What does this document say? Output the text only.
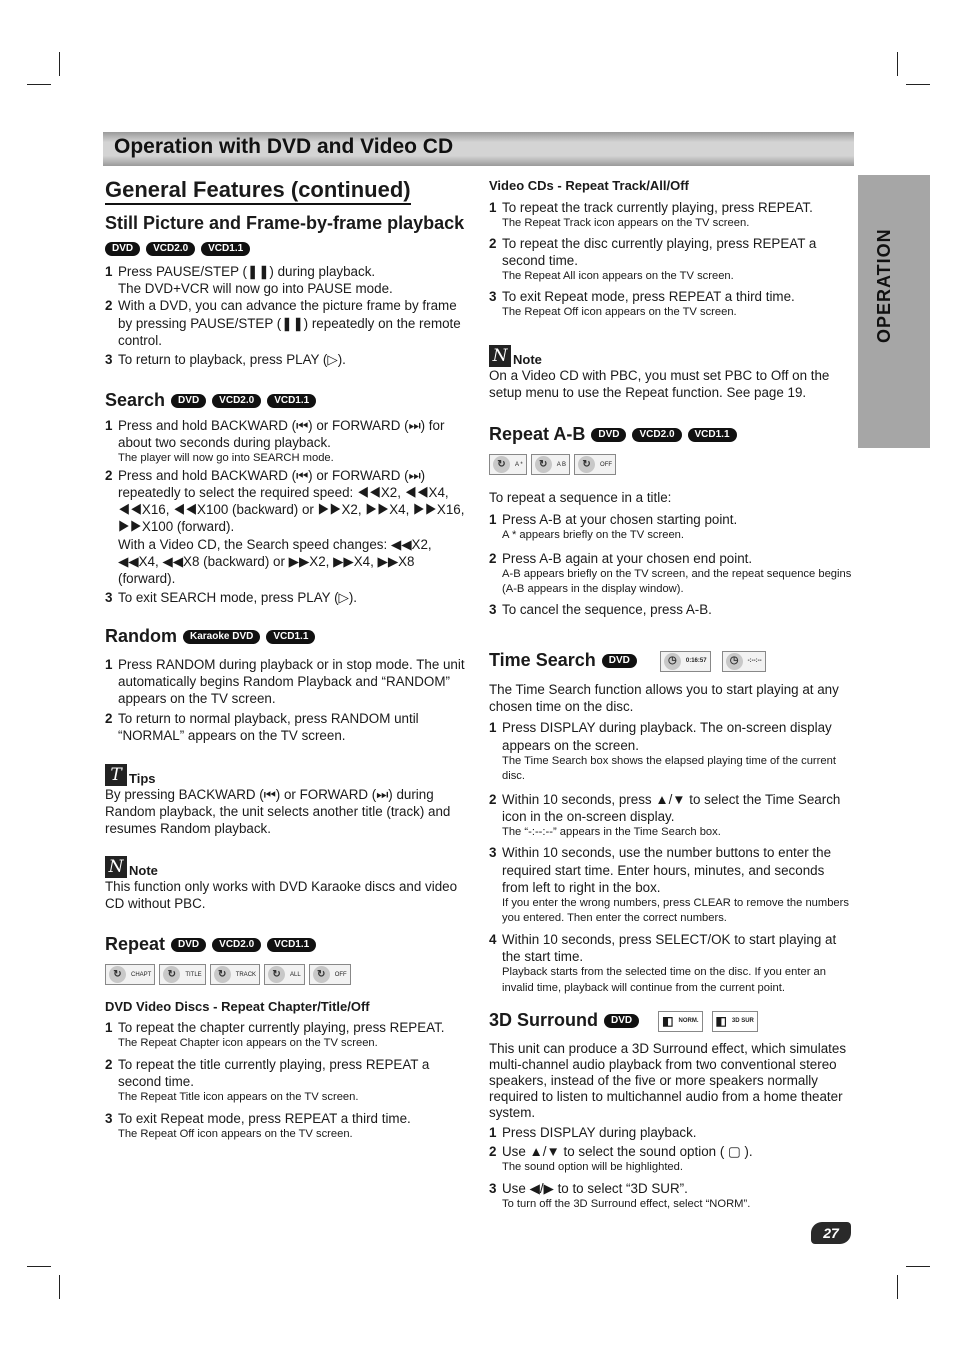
Operation with DVD and Video CD
OPERATION
General Features (continued)
Still Picture and Frame-by-frame playback
DVD	VCD2.0	VCD1.1
1 Press PAUSE/STEP (❚❚) during playback.
The DVD+VCR will now go into PAUSE mode.
2 With a DVD, you can advance the picture frame by frame by pressing PAUSE/STEP (❚❚) repeatedly on the remote control.
3 To return to playback, press PLAY (▷).
Search	DVD	VCD2.0	VCD1.1
1 Press and hold BACKWARD (⏮) or FORWARD (⏭) for about two seconds during playback.
The player will now go into SEARCH mode.
2 Press and hold BACKWARD (⏮) or FORWARD (⏭) repeatedly to select the required speed: ◀◀X2, ◀◀X4, ◀◀X16, ◀◀X100 (backward) or ▶▶X2, ▶▶X4, ▶▶X16, ▶▶X100 (forward).
With a Video CD, the Search speed changes: ◀◀X2, ◀◀X4, ◀◀X8 (backward) or ▶▶X2, ▶▶X4, ▶▶X8 (forward).
3 To exit SEARCH mode, press PLAY (▷).
Random	Karaoke DVD	VCD1.1
1 Press RANDOM during playback or in stop mode. The unit automatically begins Random Playback and “RANDOM” appears on the TV screen.
2 To return to normal playback, press RANDOM until “NORMAL” appears on the TV screen.
T Tips
By pressing BACKWARD (⏮) or FORWARD (⏭) during Random playback, the unit selects another title (track) and resumes Random playback.
N Note
This function only works with DVD Karaoke discs and video CD without PBC.
Repeat	DVD	VCD2.0	VCD1.1
↻	CHAPT	↻	TITLE	↻	TRACK	↻	ALL	↻	OFF
DVD Video Discs - Repeat Chapter/Title/Off
1 To repeat the chapter currently playing, press REPEAT.
The Repeat Chapter icon appears on the TV screen.
2 To repeat the title currently playing, press REPEAT a second time.
The Repeat Title icon appears on the TV screen.
3 To exit Repeat mode, press REPEAT a third time.
The Repeat Off icon appears on the TV screen.
Video CDs - Repeat Track/All/Off
1 To repeat the track currently playing, press REPEAT.
The Repeat Track icon appears on the TV screen.
2 To repeat the disc currently playing, press REPEAT a second time.
The Repeat All icon appears on the TV screen.
3 To exit Repeat mode, press REPEAT a third time.
The Repeat Off icon appears on the TV screen.
N Note
On a Video CD with PBC, you must set PBC to Off on the setup menu to use the Repeat function. See page 19.
Repeat A-B	DVD	VCD2.0	VCD1.1
↻	A *	↻	A B	↻	OFF
To repeat a sequence in a title:
1 Press A-B at your chosen starting point.
A * appears briefly on the TV screen.
2 Press A-B again at your chosen end point.
A-B appears briefly on the TV screen, and the repeat sequence begins (A-B appears in the display window).
3 To cancel the sequence, press A-B.
Time Search	DVD
	◷	0:16:57
	◷	-:--:--
The Time Search function allows you to start playing at any chosen time on the disc.
1 Press DISPLAY during playback. The on-screen display appears on the screen.
The Time Search box shows the elapsed playing time of the current disc.
2 Within 10 seconds, press ▲/▼ to select the Time Search icon in the on-screen display.
The “-:--:--” appears in the Time Search box.
3 Within 10 seconds, use the number buttons to enter the required start time. Enter hours, minutes, and seconds from left to right in the box.
If you enter the wrong numbers, press CLEAR to remove the numbers you entered. Then enter the correct numbers.
4 Within 10 seconds, press SELECT/OK to start playing at the start time.
Playback starts from the selected time on the disc. If you enter an invalid time, playback will continue from the current point.
3D Surround	DVD
	◧ NORM.
◧ 3D SUR
This unit can produce a 3D Surround effect, which simulates multi-channel audio playback from two conventional stereo speakers, instead of the five or more speakers normally required to listen to multichannel audio from a home theater system.
1 Press DISPLAY during playback.
2 Use ▲/▼ to select the sound option ( ▢ ).
The sound option will be highlighted.
3 Use ◀/▶ to to select “3D SUR”.
To turn off the 3D Surround effect, select “NORM”.
27
